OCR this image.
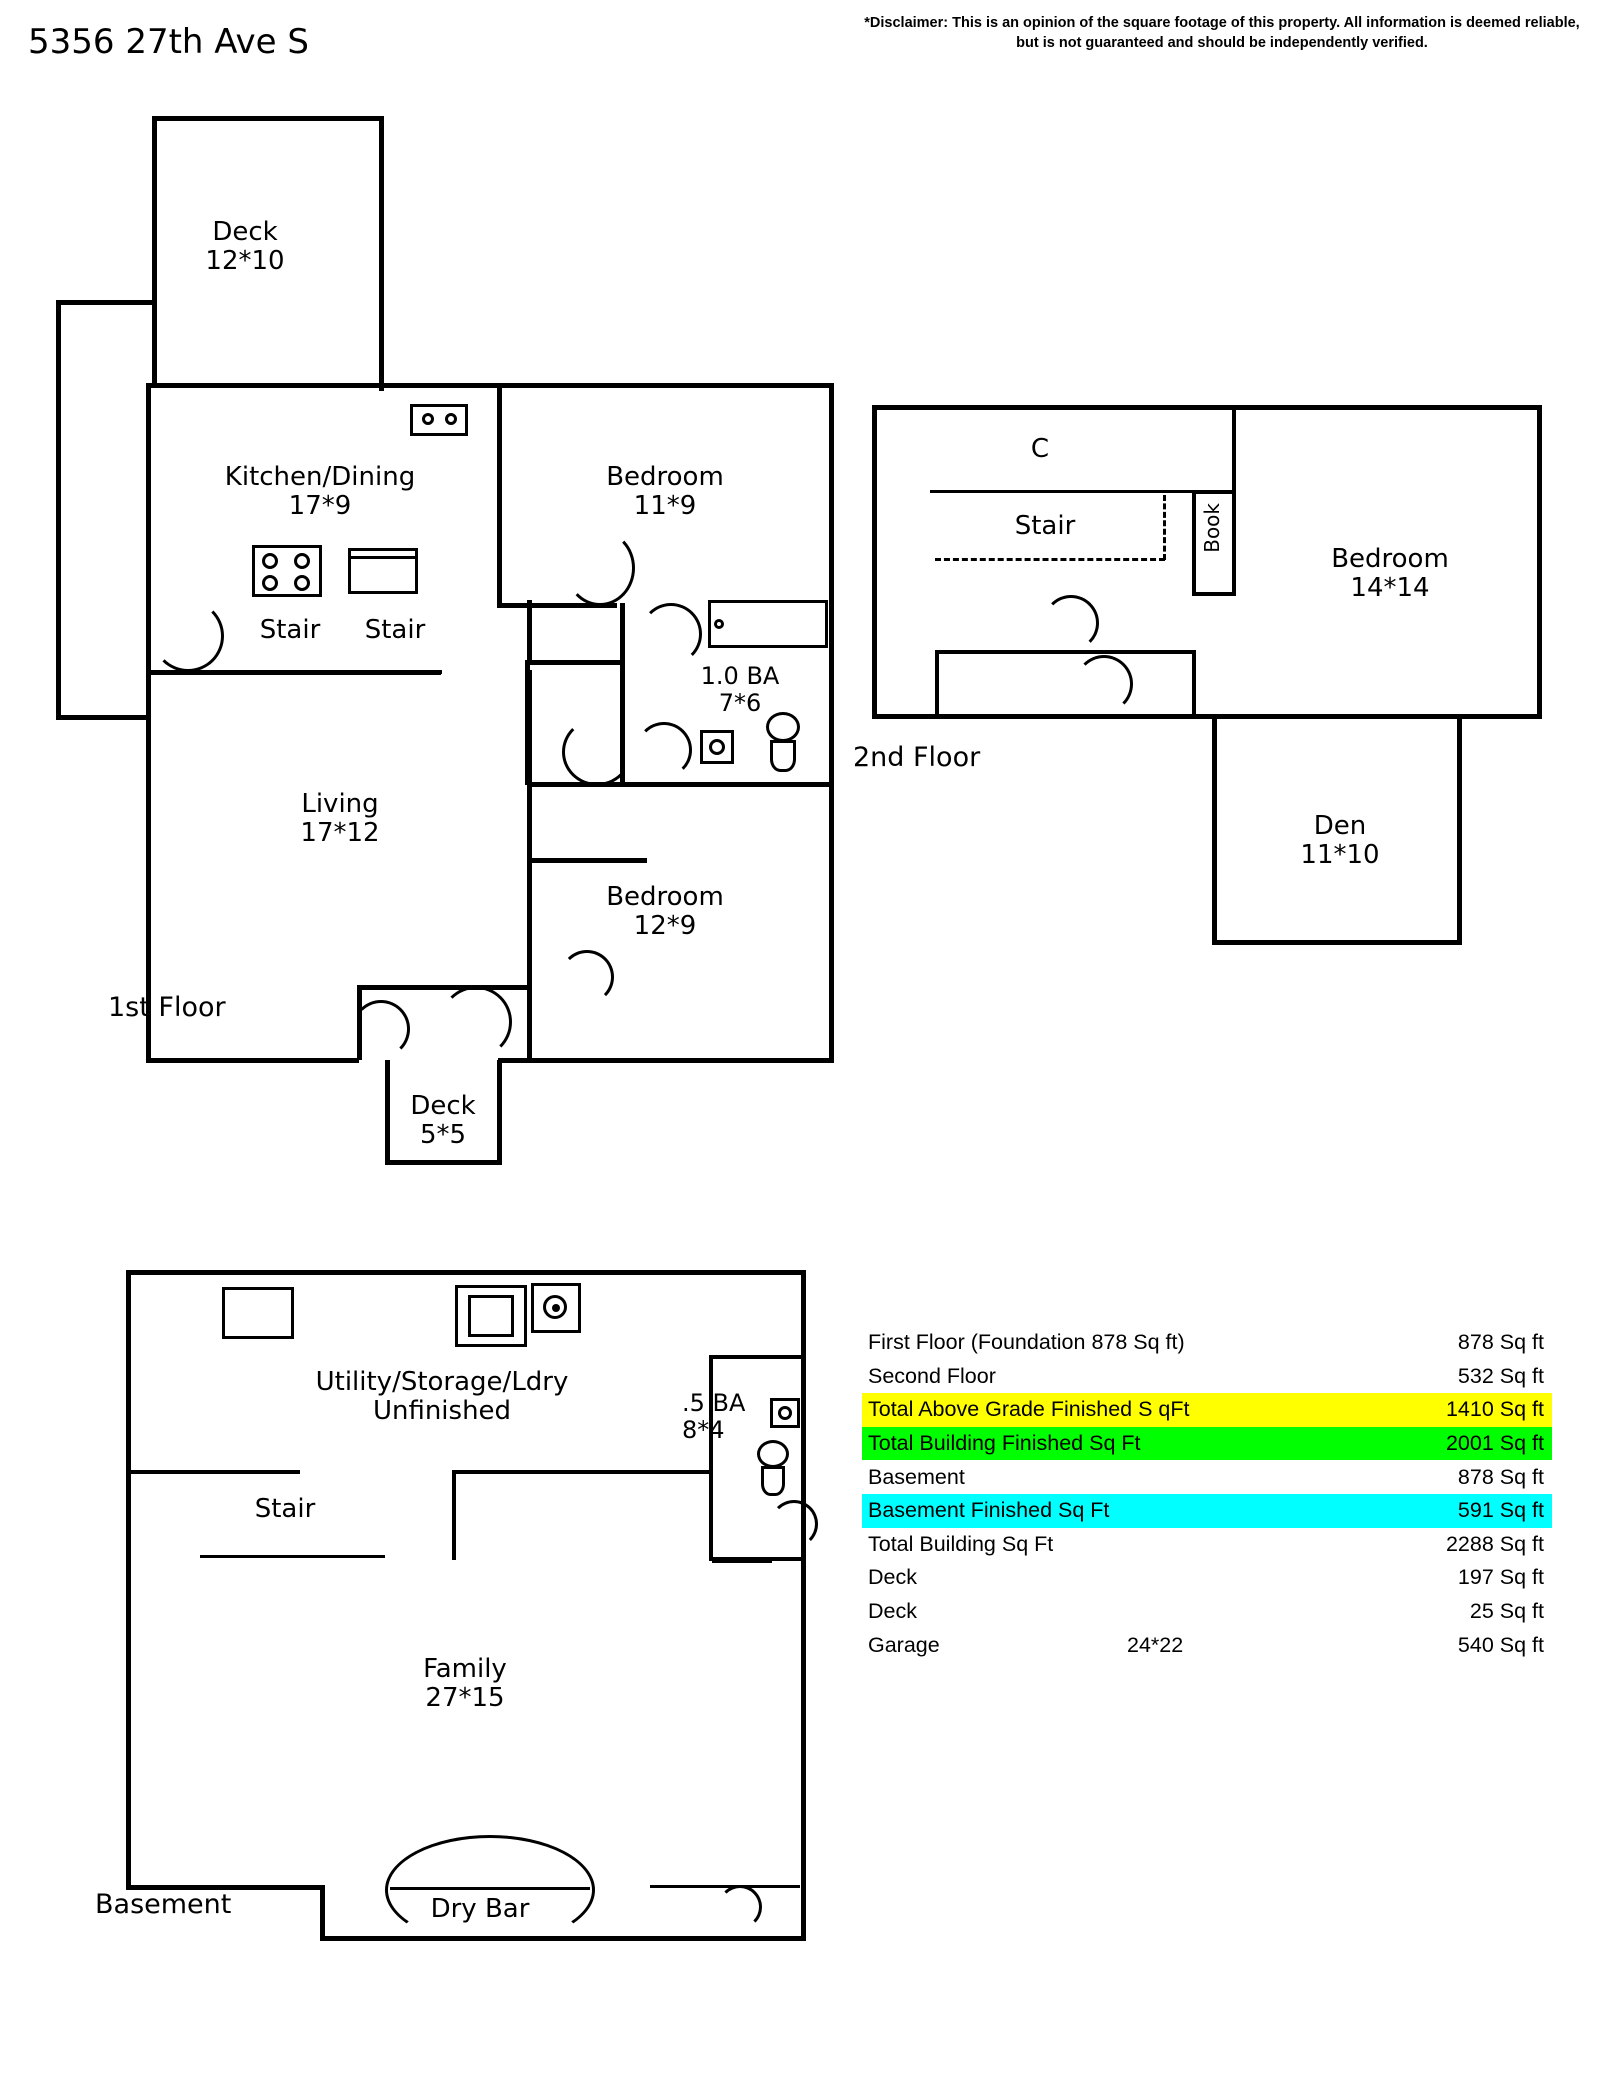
5356 27th Ave S	*Disclaimer: This is an opinion of the square footage of this property. All information is deemed reliable, but is not guaranteed and should be independently verified.
Deck
12*10
Kitchen/Dining
17*9
Bedroom
11*9
Stair	Stair
Living
17*12
1.0 BA
7*6
Bedroom
12*9
Deck
5*5
1st Floor
C
Stair	Book
Bedroom
14*14
Den
11*10
2nd Floor
Utility/Storage/Ldry
Unfinished
Stair
.5 BA
8*4
Family
27*15
Basement	Dry Bar
First Floor (Foundation 878 Sq ft)	878 Sq ft
Second Floor	532 Sq ft
Total Above Grade Finished S qFt	1410 Sq ft
Total Building Finished Sq Ft	2001 Sq ft
Basement	878 Sq ft
Basement Finished Sq Ft	591 Sq ft
Total Building Sq Ft	2288 Sq ft
Deck	197 Sq ft
Deck	25 Sq ft
Garage	24*22	540 Sq ft
